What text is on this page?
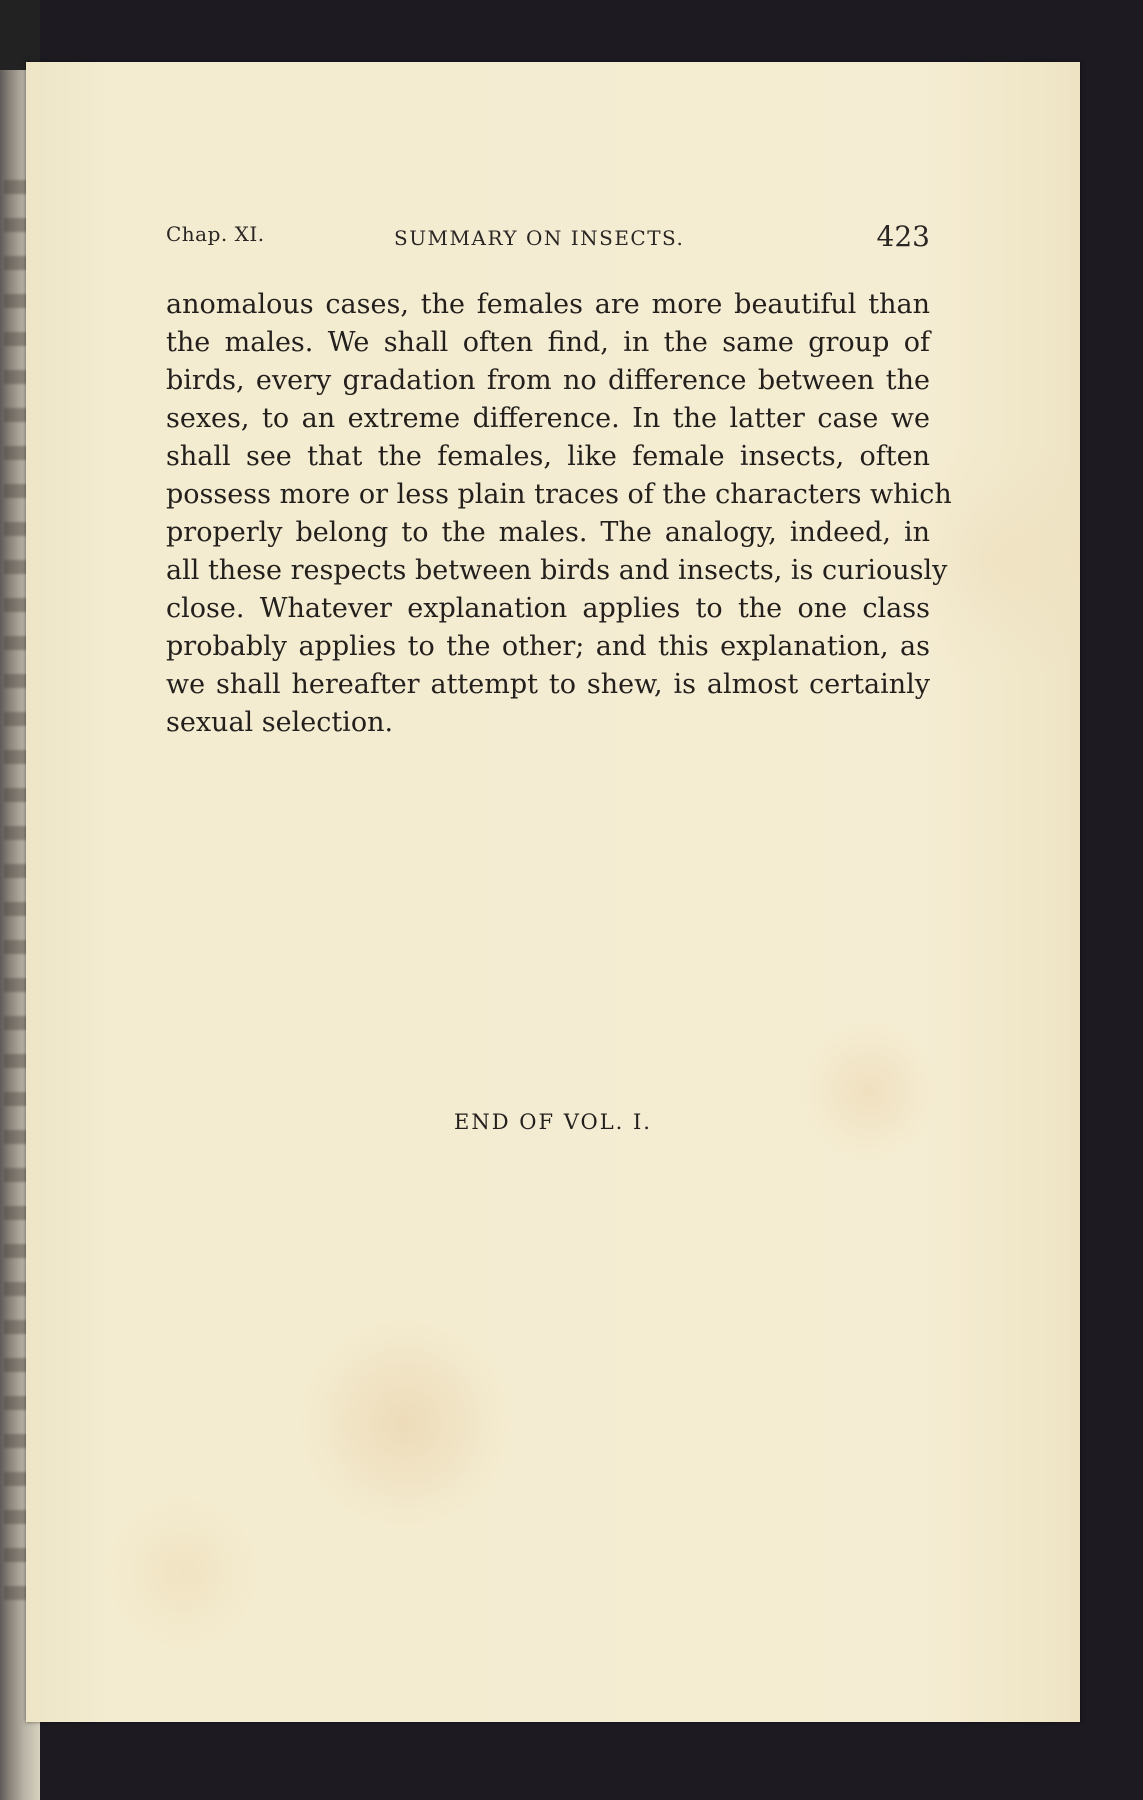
Chap. XI.	SUMMARY ON INSECTS.	423

anomalous cases, the females are more beautiful than
the males. We shall often find, in the same group of
birds, every gradation from no difference between the
sexes, to an extreme difference. In the latter case we
shall see that the females, like female insects, often
possess more or less plain traces of the characters which
properly belong to the males. The analogy, indeed, in
all these respects between birds and insects, is curiously
close. Whatever explanation applies to the one class
probably applies to the other; and this explanation, as
we shall hereafter attempt to shew, is almost certainly
sexual selection.

END OF VOL. I.
